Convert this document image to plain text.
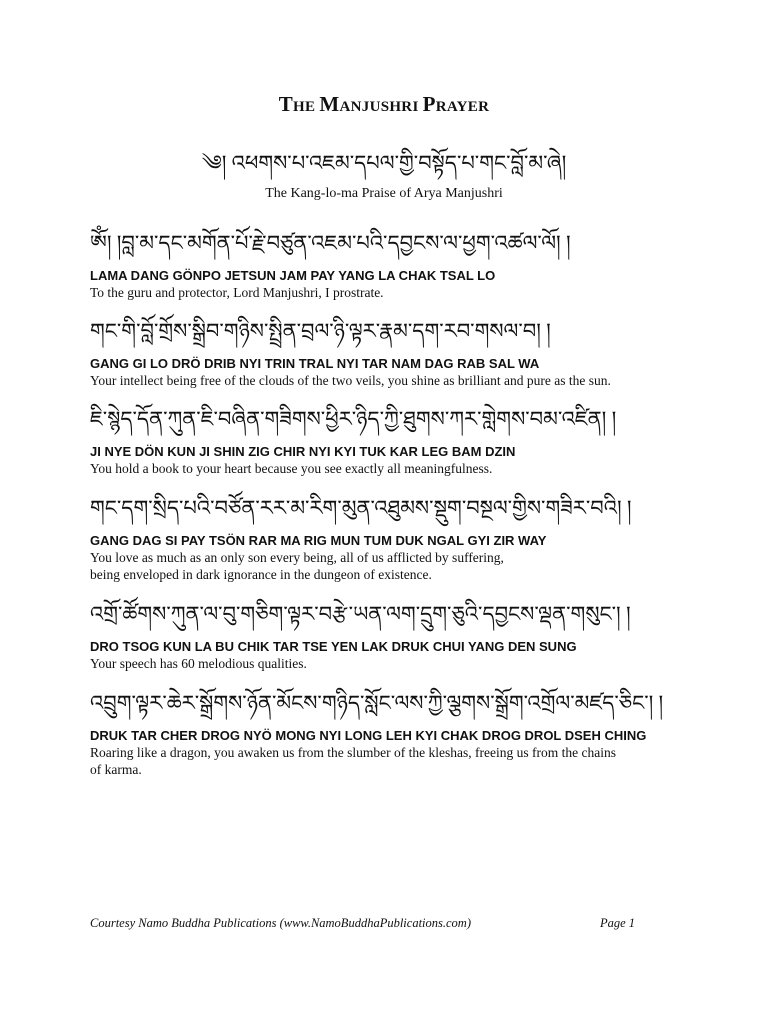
THE MANJUSHRI PRAYER
༄། འཕགས་པ་འཇམ་དཔལ་གྱི་བསྟོད་པ་གང་བློ་མ་ཞེ།
The Kang-lo-ma Praise of Arya Manjushri
ཨོཾ། །བླ་མ་དང་མགོན་པོ་རྗེ་བཙུན་འཇམ་པའི་དབྱངས་ལ་ཕྱག་འཚལ་ལོ། །
LAMA DANG GÖNPO JETSUN JAM PAY YANG LA CHAK TSAL LO
To the guru and protector, Lord Manjushri, I prostrate.
གང་གི་བློ་གྲོས་སྒྲིབ་གཉིས་སྤྲིན་བྲལ་ཉི་ལྟར་རྣམ་དག་རབ་གསལ་བ། །
GANG GI LO DRÖ DRIB NYI TRIN TRAL NYI TAR NAM DAG RAB SAL WA
Your intellect being free of the clouds of the two veils, you shine as brilliant and pure as the sun.
ཇི་སྙེད་དོན་ཀུན་ཇི་བཞིན་གཟིགས་ཕྱིར་ཉིད་ཀྱི་ཐུགས་ཀར་གླེགས་བམ་འཛིན། །
JI NYE DÖN KUN JI SHIN ZIG CHIR NYI KYI TUK KAR LEG BAM DZIN
You hold a book to your heart because you see exactly all meaningfulness.
གང་དག་སྲིད་པའི་བཙོན་རར་མ་རིག་མུན་འཐུམས་སྡུག་བསྔལ་གྱིས་གཟིར་བའི། །
GANG DAG SI PAY TSÖN RAR MA RIG MUN TUM DUK NGAL GYI ZIR WAY
You love as much as an only son every being, all of us afflicted by suffering,
being enveloped in dark ignorance in the dungeon of existence.
འགྲོ་ཚོགས་ཀུན་ལ་བུ་གཅིག་ལྟར་བརྩེ་ཡན་ལག་དྲུག་ཅུའི་དབྱངས་ལྡན་གསུང་། །
DRO TSOG KUN LA BU CHIK TAR TSE YEN LAK DRUK CHUI YANG DEN SUNG
Your speech has 60 melodious qualities.
འབྲུག་ལྟར་ཆེར་སྒྲོགས་ཉོན་མོངས་གཉིད་སློང་ལས་ཀྱི་ལྕགས་སྒྲོག་འགྲོལ་མཛད་ཅིང་། །
DRUK TAR CHER DROG NYÖ MONG NYI LONG LEH KYI CHAK DROG DROL DSEH CHING
Roaring like a dragon, you awaken us from the slumber of the kleshas, freeing us from the chains
of karma.
Courtesy Namo Buddha Publications (www.NamoBuddhaPublications.com)	Page 1
